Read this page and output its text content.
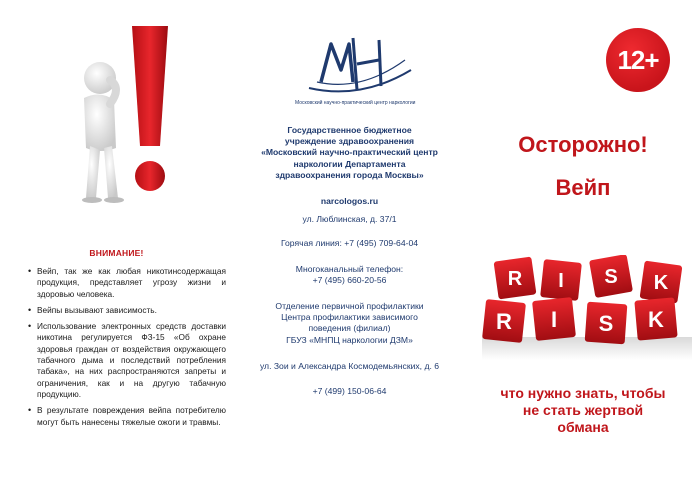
ВНИМАНИЕ!
• Вейп, так же как любая никотинсодержащая продукция, представляет угрозу жизни и здоровью человека.
• Вейпы вызывают зависимость.
• Использование электронных средств доставки никотина регулируется ФЗ-15 «Об охране здоровья граждан от воздействия окружающего табачного дыма и последствий потребления табака», на них распространяются запреты и ограничения, как и на другую табачную продукцию.
• В результате повреждения вейпа потребителю могут быть нанесены тяжелые ожоги и травмы.
Московский научно-практический центр наркологии
Государственное бюджетное
учреждение здравоохранения
«Московский научно-практический центр
наркологии Департамента
здравоохранения города Москвы»
narcologos.ru
ул. Люблинская, д. 37/1
Горячая линия: +7 (495) 709-64-04
Многоканальный телефон:
+7 (495) 660-20-56
Отделение первичной профилактики
Центра профилактики зависимого
поведения (филиал)
ГБУЗ «МНПЦ наркологии ДЗМ»
ул. Зои и Александра Космодемьянских, д. 6
+7 (499) 150-06-64
12+
Осторожно!
Вейп
R I S K
R I S K
что нужно знать, чтобы
не стать жертвой
обмана
